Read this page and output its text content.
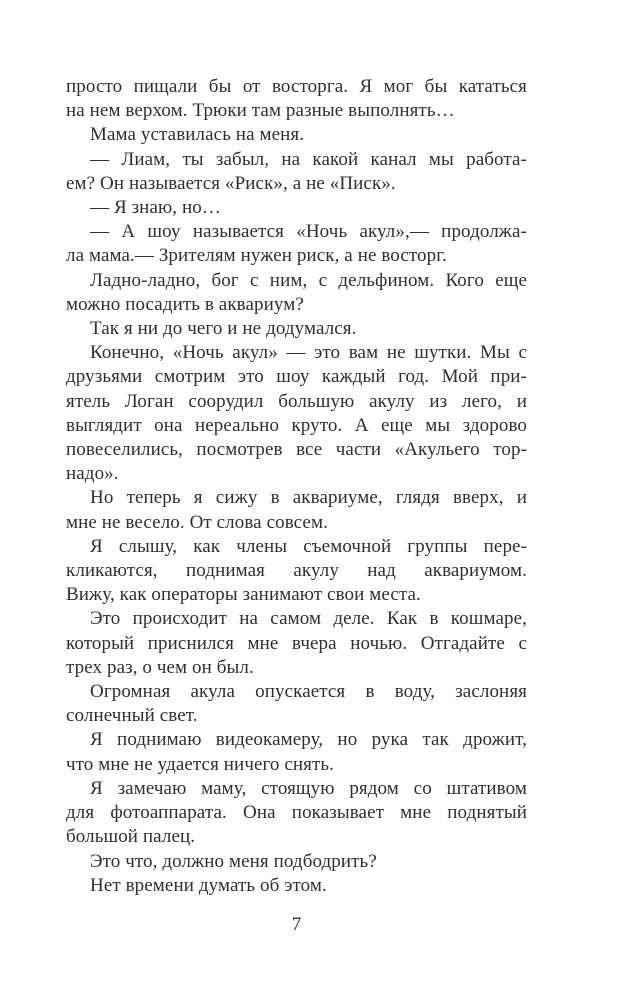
просто пищали бы от восторга. Я мог бы кататься
на нем верхом. Трюки там разные выполнять…
Мама уставилась на меня.
— Лиам, ты забыл, на какой канал мы работа-
ем? Он называется «Риск», а не «Писк».
— Я знаю, но…
— А шоу называется «Ночь акул»,— продолжа-
ла мама.— Зрителям нужен риск, а не восторг.
Ладно-ладно, бог с ним, с дельфином. Кого еще
можно посадить в аквариум?
Так я ни до чего и не додумался.
Конечно, «Ночь акул» — это вам не шутки. Мы с
друзьями смотрим это шоу каждый год. Мой при-
ятель Логан соорудил большую акулу из лего, и
выглядит она нереально круто. А еще мы здорово
повеселились, посмотрев все части «Акульего тор-
надо».
Но теперь я сижу в аквариуме, глядя вверх, и
мне не весело. От слова совсем.
Я слышу, как члены съемочной группы пере-
кликаются, поднимая акулу над аквариумом.
Вижу, как операторы занимают свои места.
Это происходит на самом деле. Как в кошмаре,
который приснился мне вчера ночью. Отгадайте с
трех раз, о чем он был.
Огромная акула опускается в воду, заслоняя
солнечный свет.
Я поднимаю видеокамеру, но рука так дрожит,
что мне не удается ничего снять.
Я замечаю маму, стоящую рядом со штативом
для фотоаппарата. Она показывает мне поднятый
большой палец.
Это что, должно меня подбодрить?
Нет времени думать об этом.
7
